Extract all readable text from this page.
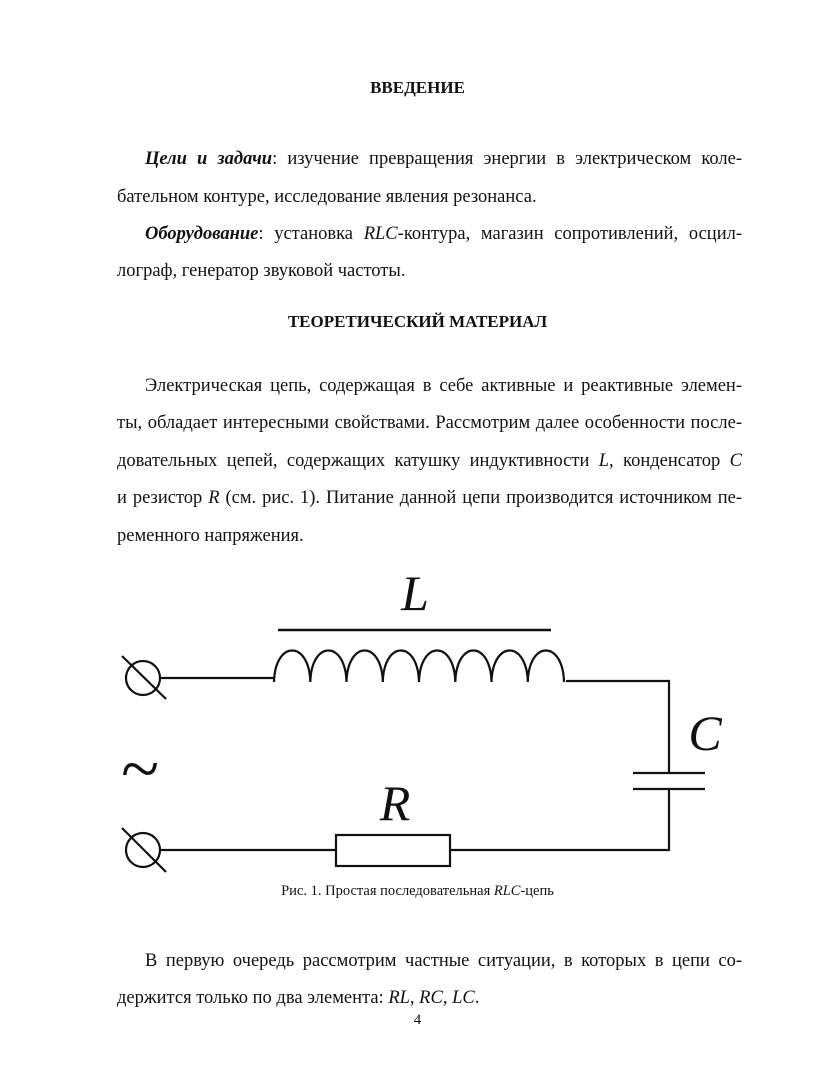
ВВЕДЕНИЕ
ТЕОРЕТИЧЕСКИЙ МАТЕРИАЛ
Цели и задачи: изучение превращения энергии в электрическом коле-
бательном контуре, исследование явления резонанса.
Оборудование: установка RLC-контура, магазин сопротивлений, осцил-
лограф, генератор звуковой частоты.
Электрическая цепь, содержащая в себе активные и реактивные элемен-
ты, обладает интересными свойствами. Рассмотрим далее особенности после-
довательных цепей, содержащих катушку индуктивности L, конденсатор C
и резистор R (см. рис. 1). Питание данной цепи производится источником пе-
ременного напряжения.
В первую очередь рассмотрим частные ситуации, в которых в цепи со-
держится только по два элемента: RL, RC, LC.
L
C
R
~
Рис. 1. Простая последовательная RLC-цепь
4
